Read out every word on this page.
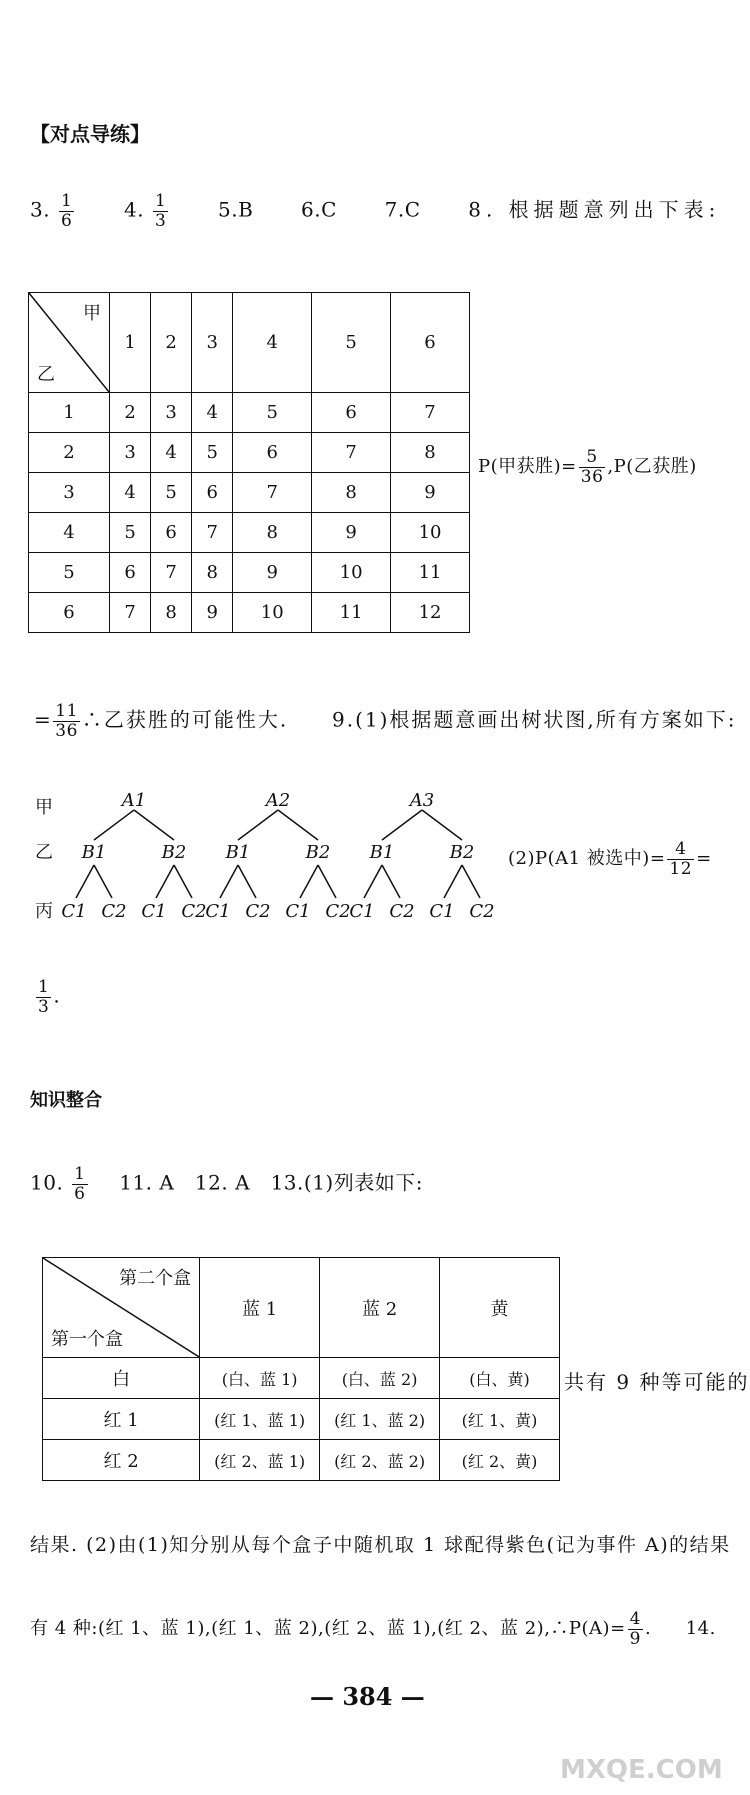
【对点导练】
3. $\frac{1}{6} 4$. $\frac{1}{3} 5.B$ 6.C 7.C 8. 根据题意列出下表:
甲
乙	1	2	3	4	5	6
1	2	3	4	5	6	7
2	3	4	5	6	7	8
3	4	5	6	7	8	9
4	5	6	7	8	9	10
5	6	7	8	9	10	11
6	7	8	9	10	11	12
P(甲获胜)= $\frac{5}{36} ,P$(乙获胜)
= $\frac{11}{36}$ ∴乙获胜的可能性大. 9.(1)根据题意画出树状图,所有方案如下:
甲
乙
丙
A1	A2	A3
B1	B2 B1	B2 B1	B2
C1 C2 C1 C2
C1 C2 C1 C2
C1 C2 C1 C2
(2)P(A1 被选中)= $\frac{4}{12}$ =
$\frac{1}{3}$ .
知识整合
10. $\frac{1}{6} 11$. A   12. A   13.(1)列表如下:
第二个盒
第一个盒	蓝 1	蓝 2	黄
白	(白、蓝 1)	(白、蓝 2)	(白、黄)
红 1	(红 1、蓝 1)	(红 1、蓝 2)	(红 1、黄)
红 2	(红 2、蓝 1)	(红 2、蓝 2)	(红 2、黄)
共有 9 种等可能的
结果. (2)由(1)知分别从每个盒子中随机取 1 球配得紫色(记为事件 A)的结果
有 4 种:(红 1、蓝 1),(红 1、蓝 2),(红 2、蓝 1),(红 2、蓝 2),∴P(A)= $\frac{4}{9}$ . 14.
— 384 —
MXQE.COM
